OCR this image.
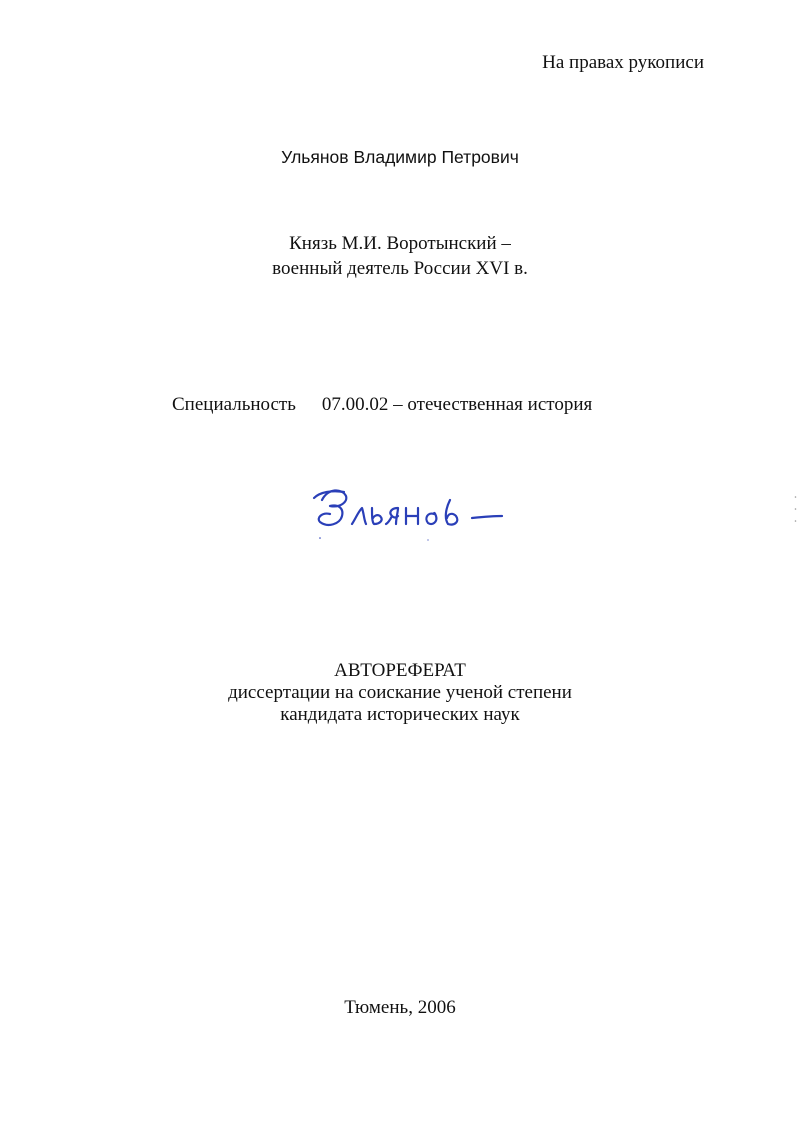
На правах рукописи
Ульянов Владимир Петрович
Князь М.И. Воротынский –
военный деятель России XVI в.
Специальность 07.00.02 – отечественная история
АВТОРЕФЕРАТ
диссертации на соискание ученой степени
кандидата исторических наук
Тюмень, 2006
